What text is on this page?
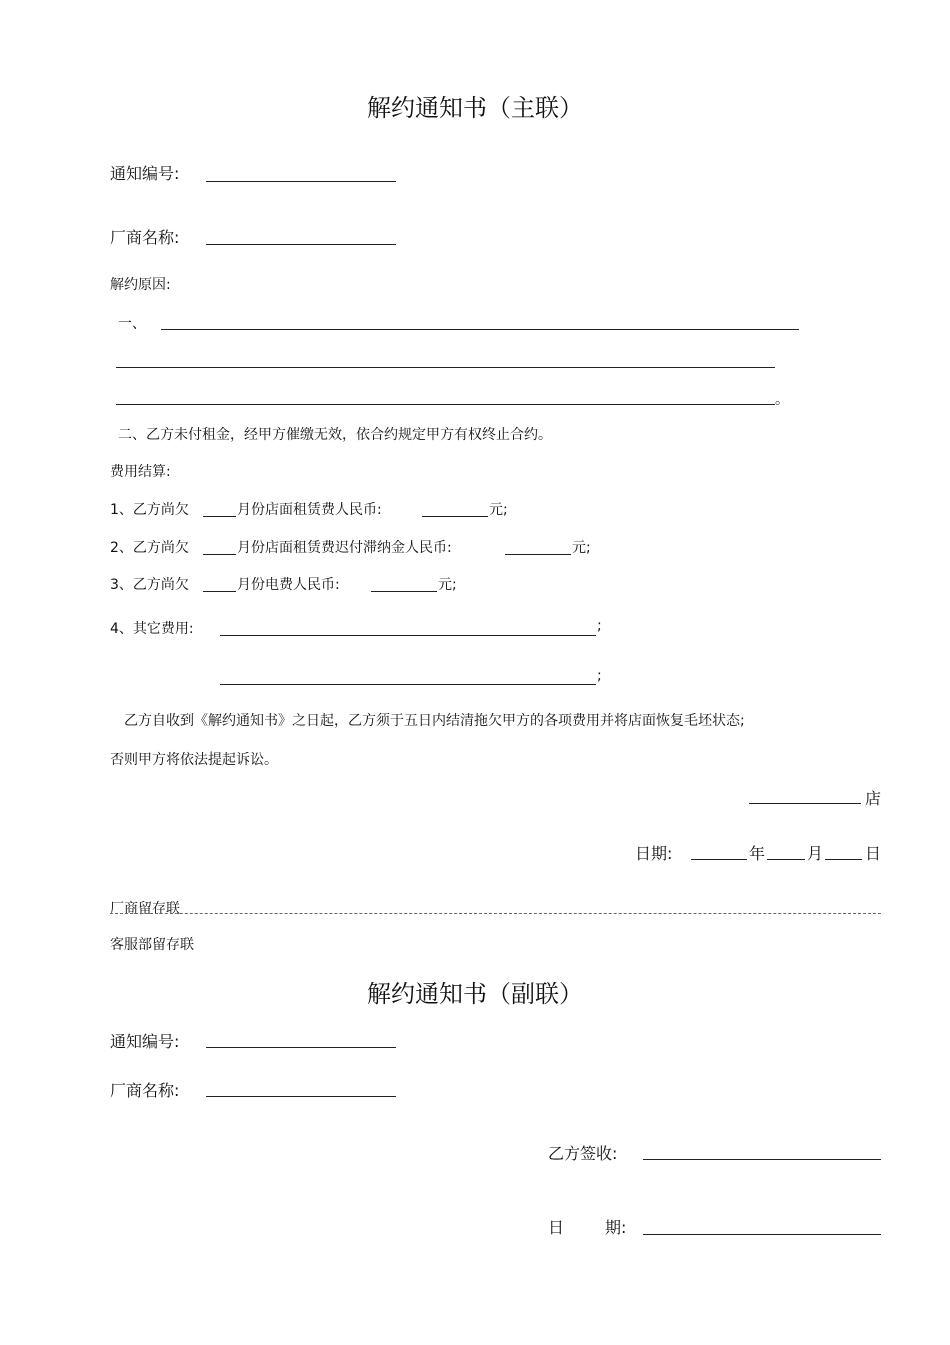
解约通知书（主联）
通知编号:
厂商名称:
解约原因:
一、
。
二、乙方未付租金，经甲方催缴无效，依合约规定甲方有权终止合约。
费用结算:
1、乙方尚欠	月份店面租赁费人民币:	元;
2、乙方尚欠	月份店面租赁费迟付滞纳金人民币:	元;
3、乙方尚欠	月份电费人民币:	元;
4、其它费用:	;
;
乙方自收到《解约通知书》之日起，乙方须于五日内结清拖欠甲方的各项费用并将店面恢复毛坯状态;
否则甲方将依法提起诉讼。
店
日期:	年	月	日
厂商留存联
客服部留存联
解约通知书（副联）
通知编号:
厂商名称:
乙方签收:
日	期:
